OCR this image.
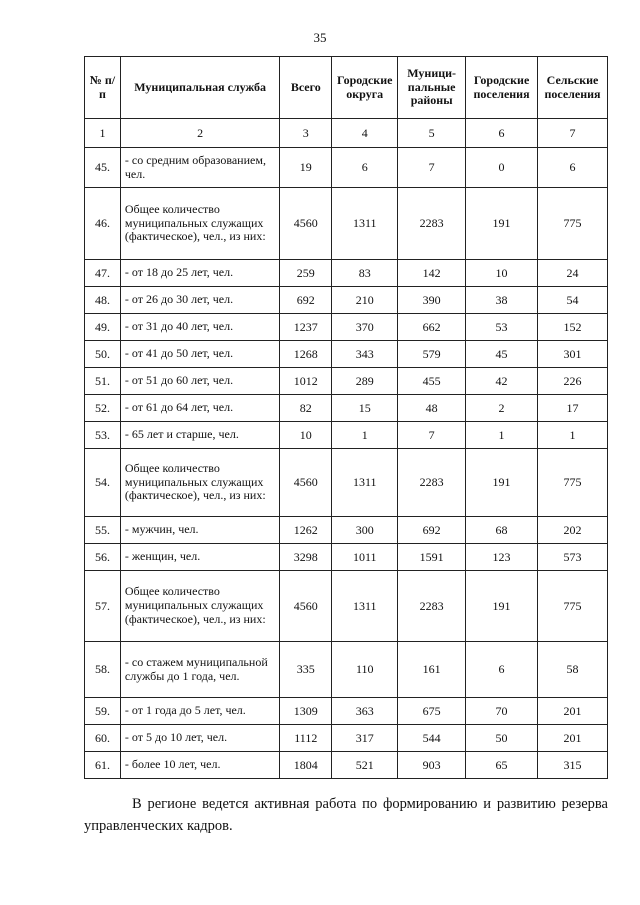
35
№ п/п	Муниципальная служба	Всего	Городские округа	Муници-пальные районы	Городские поселения	Сельские поселения
1	2	3	4	5	6	7
45.	- со средним образованием, чел.	19	6	7	0	6
46.	Общее количество муниципальных служащих (фактическое), чел., из них:	4560	1311	2283	191	775
47.	- от 18 до 25 лет, чел.	259	83	142	10	24
48.	- от 26 до 30 лет, чел.	692	210	390	38	54
49.	- от 31 до 40 лет, чел.	1237	370	662	53	152
50.	- от 41 до 50 лет, чел.	1268	343	579	45	301
51.	- от 51 до 60 лет, чел.	1012	289	455	42	226
52.	- от 61 до 64 лет, чел.	82	15	48	2	17
53.	- 65 лет и старше, чел.	10	1	7	1	1
54.	Общее количество муниципальных служащих (фактическое), чел., из них:	4560	1311	2283	191	775
55.	- мужчин, чел.	1262	300	692	68	202
56.	- женщин, чел.	3298	1011	1591	123	573
57.	Общее количество муниципальных служащих (фактическое), чел., из них:	4560	1311	2283	191	775
58.	- со стажем муниципальной службы до 1 года, чел.	335	110	161	6	58
59.	- от 1 года до 5 лет, чел.	1309	363	675	70	201
60.	- от 5 до 10 лет, чел.	1112	317	544	50	201
61.	- более 10 лет, чел.	1804	521	903	65	315
В регионе ведется активная работа по формированию и развитию резерва управленческих кадров.
